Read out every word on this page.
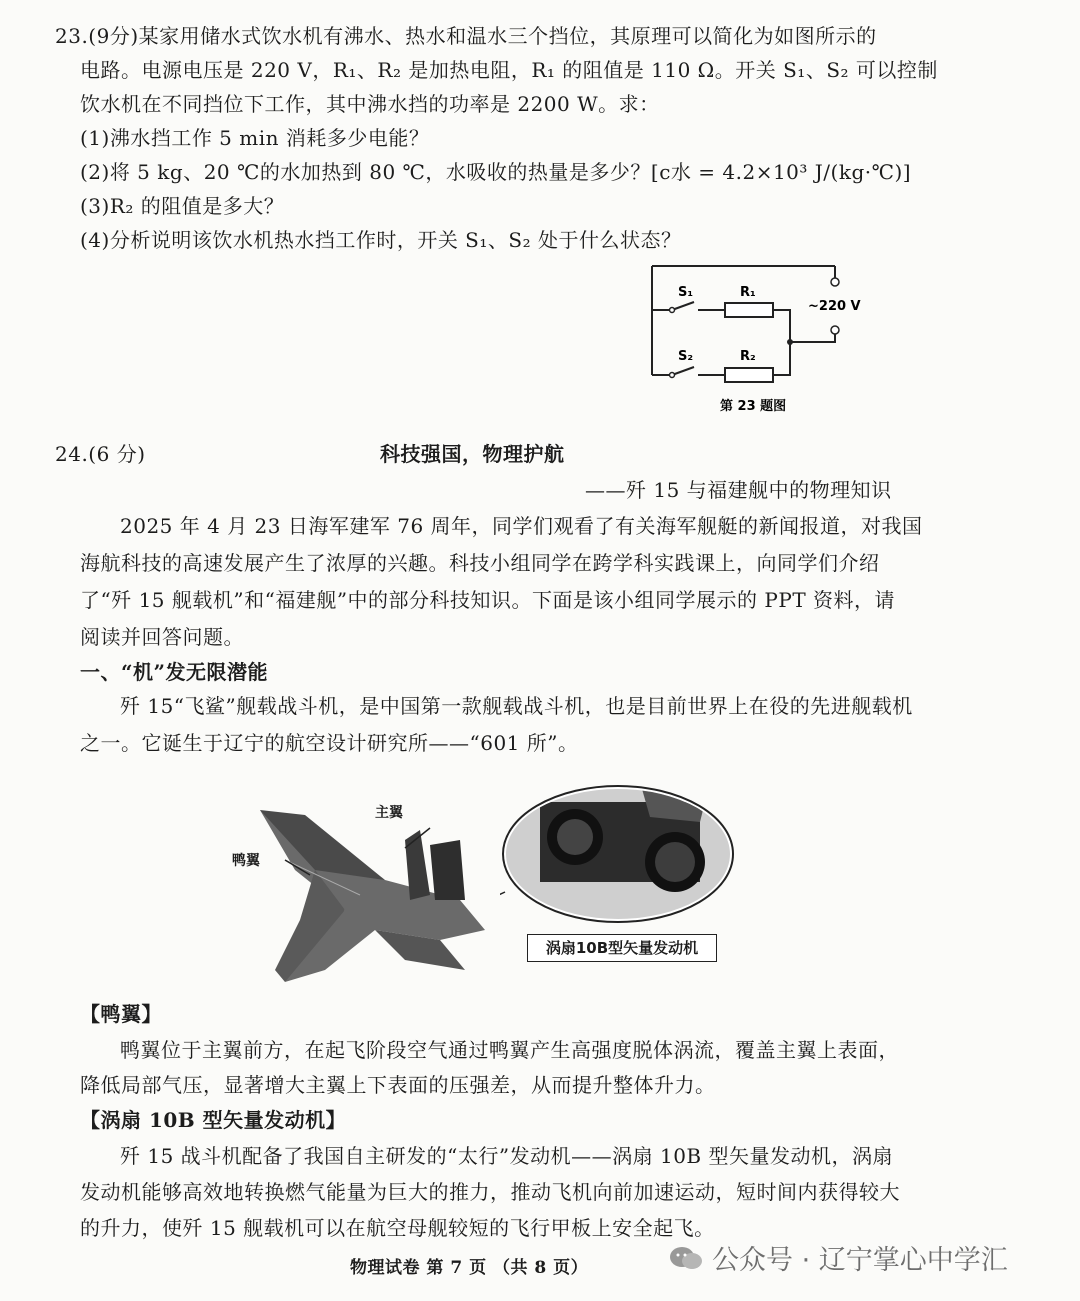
23.(9分)某家用储水式饮水机有沸水、热水和温水三个挡位，其原理可以简化为如图所示的
电路。电源电压是 220 V，R₁、R₂ 是加热电阻，R₁ 的阻值是 110 Ω。开关 S₁、S₂ 可以控制
饮水机在不同挡位下工作，其中沸水挡的功率是 2200 W。求：
(1)沸水挡工作 5 min 消耗多少电能？
(2)将 5 kg、20 ℃的水加热到 80 ℃，水吸收的热量是多少？[c水 = 4.2×10³ J/(kg·℃)]
(3)R₂ 的阻值是多大？
(4)分析说明该饮水机热水挡工作时，开关 S₁、S₂ 处于什么状态？
S₁	R₁
S₂	R₂
~220 V
第 23 题图
24.(6 分)	科技强国，物理护航
——歼 15 与福建舰中的物理知识
2025 年 4 月 23 日海军建军 76 周年，同学们观看了有关海军舰艇的新闻报道，对我国
海航科技的高速发展产生了浓厚的兴趣。科技小组同学在跨学科实践课上，向同学们介绍
了“歼 15 舰载机”和“福建舰”中的部分科技知识。下面是该小组同学展示的 PPT 资料，请
阅读并回答问题。
一、“机”发无限潜能
歼 15“飞鲨”舰载战斗机，是中国第一款舰载战斗机，也是目前世界上在役的先进舰载机
之一。它诞生于辽宁的航空设计研究所——“601 所”。
主翼
鸭翼
涡扇10B型矢量发动机
【鸭翼】
鸭翼位于主翼前方，在起飞阶段空气通过鸭翼产生高强度脱体涡流，覆盖主翼上表面，
降低局部气压，显著增大主翼上下表面的压强差，从而提升整体升力。
【涡扇 10B 型矢量发动机】
歼 15 战斗机配备了我国自主研发的“太行”发动机——涡扇 10B 型矢量发动机，涡扇
发动机能够高效地转换燃气能量为巨大的推力，推动飞机向前加速运动，短时间内获得较大
的升力，使歼 15 舰载机可以在航空母舰较短的飞行甲板上安全起飞。
物理试卷 第 7 页 （共 8 页）	公众号 · 辽宁掌心中学汇
